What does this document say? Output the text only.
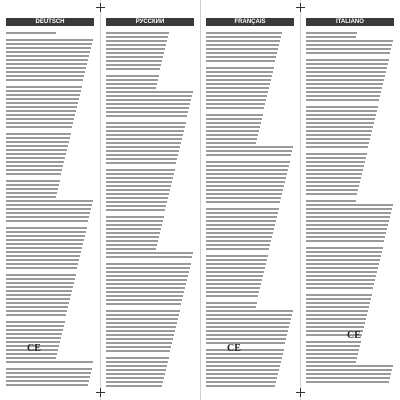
DEUTSCH	РУССКИЙ	FRANÇAIS	ITALIANO
CE	CE
CE
